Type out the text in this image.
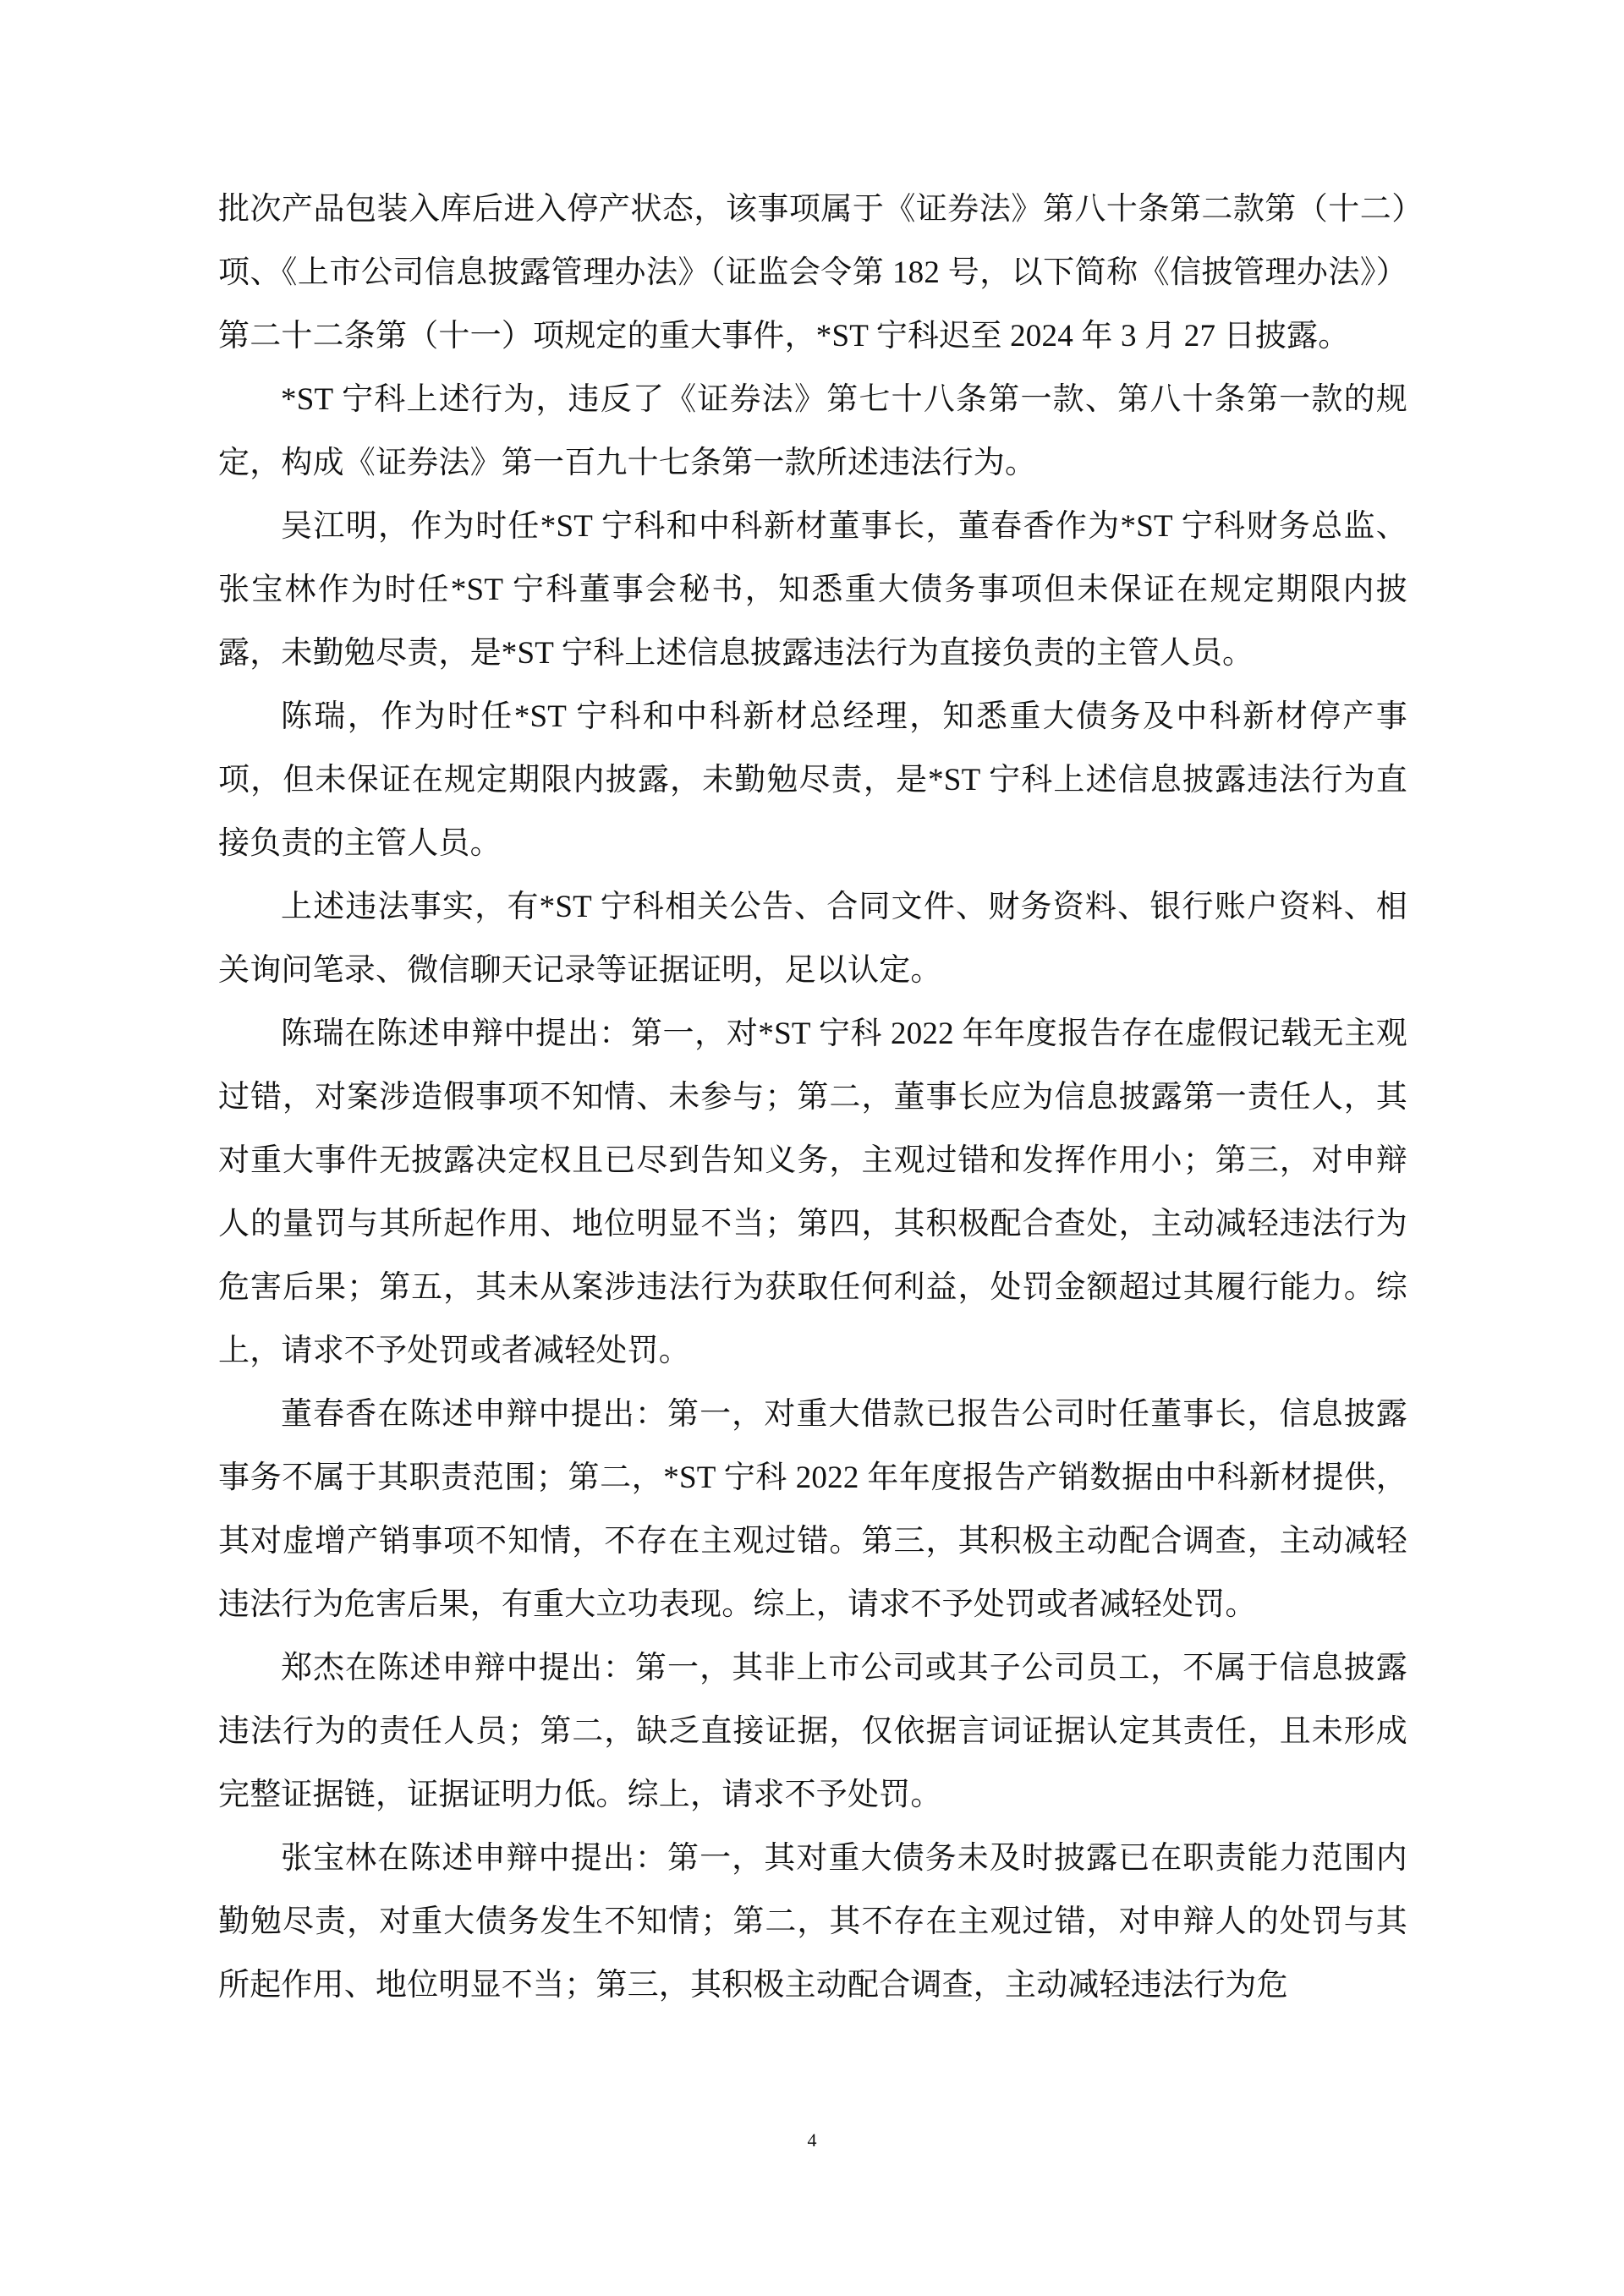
批次产品包装入库后进入停产状态，该事项属于《证券法》第八十条第二款第（十二）项、《上市公司信息披露管理办法》（证监会令第 182 号，以下简称《信披管理办法》）第二十二条第（十一）项规定的重大事件，*ST 宁科迟至 2024 年 3 月 27 日披露。

*ST 宁科上述行为，违反了《证券法》第七十八条第一款、第八十条第一款的规定，构成《证券法》第一百九十七条第一款所述违法行为。

吴江明，作为时任*ST 宁科和中科新材董事长，董春香作为*ST 宁科财务总监、张宝林作为时任*ST 宁科董事会秘书，知悉重大债务事项但未保证在规定期限内披露，未勤勉尽责，是*ST 宁科上述信息披露违法行为直接负责的主管人员。

陈瑞，作为时任*ST 宁科和中科新材总经理，知悉重大债务及中科新材停产事项，但未保证在规定期限内披露，未勤勉尽责，是*ST 宁科上述信息披露违法行为直接负责的主管人员。

上述违法事实，有*ST 宁科相关公告、合同文件、财务资料、银行账户资料、相关询问笔录、微信聊天记录等证据证明，足以认定。

陈瑞在陈述申辩中提出：第一，对*ST 宁科 2022 年年度报告存在虚假记载无主观过错，对案涉造假事项不知情、未参与；第二，董事长应为信息披露第一责任人，其对重大事件无披露决定权且已尽到告知义务，主观过错和发挥作用小；第三，对申辩人的量罚与其所起作用、地位明显不当；第四，其积极配合查处，主动减轻违法行为危害后果；第五，其未从案涉违法行为获取任何利益，处罚金额超过其履行能力。综上，请求不予处罚或者减轻处罚。

董春香在陈述申辩中提出：第一，对重大借款已报告公司时任董事长，信息披露事务不属于其职责范围；第二，*ST 宁科 2022 年年度报告产销数据由中科新材提供，其对虚增产销事项不知情，不存在主观过错。第三，其积极主动配合调查，主动减轻违法行为危害后果，有重大立功表现。综上，请求不予处罚或者减轻处罚。

郑杰在陈述申辩中提出：第一，其非上市公司或其子公司员工，不属于信息披露违法行为的责任人员；第二，缺乏直接证据，仅依据言词证据认定其责任，且未形成完整证据链，证据证明力低。综上，请求不予处罚。

张宝林在陈述申辩中提出：第一，其对重大债务未及时披露已在职责能力范围内勤勉尽责，对重大债务发生不知情；第二，其不存在主观过错，对申辩人的处罚与其所起作用、地位明显不当；第三，其积极主动配合调查，主动减轻违法行为危

4
